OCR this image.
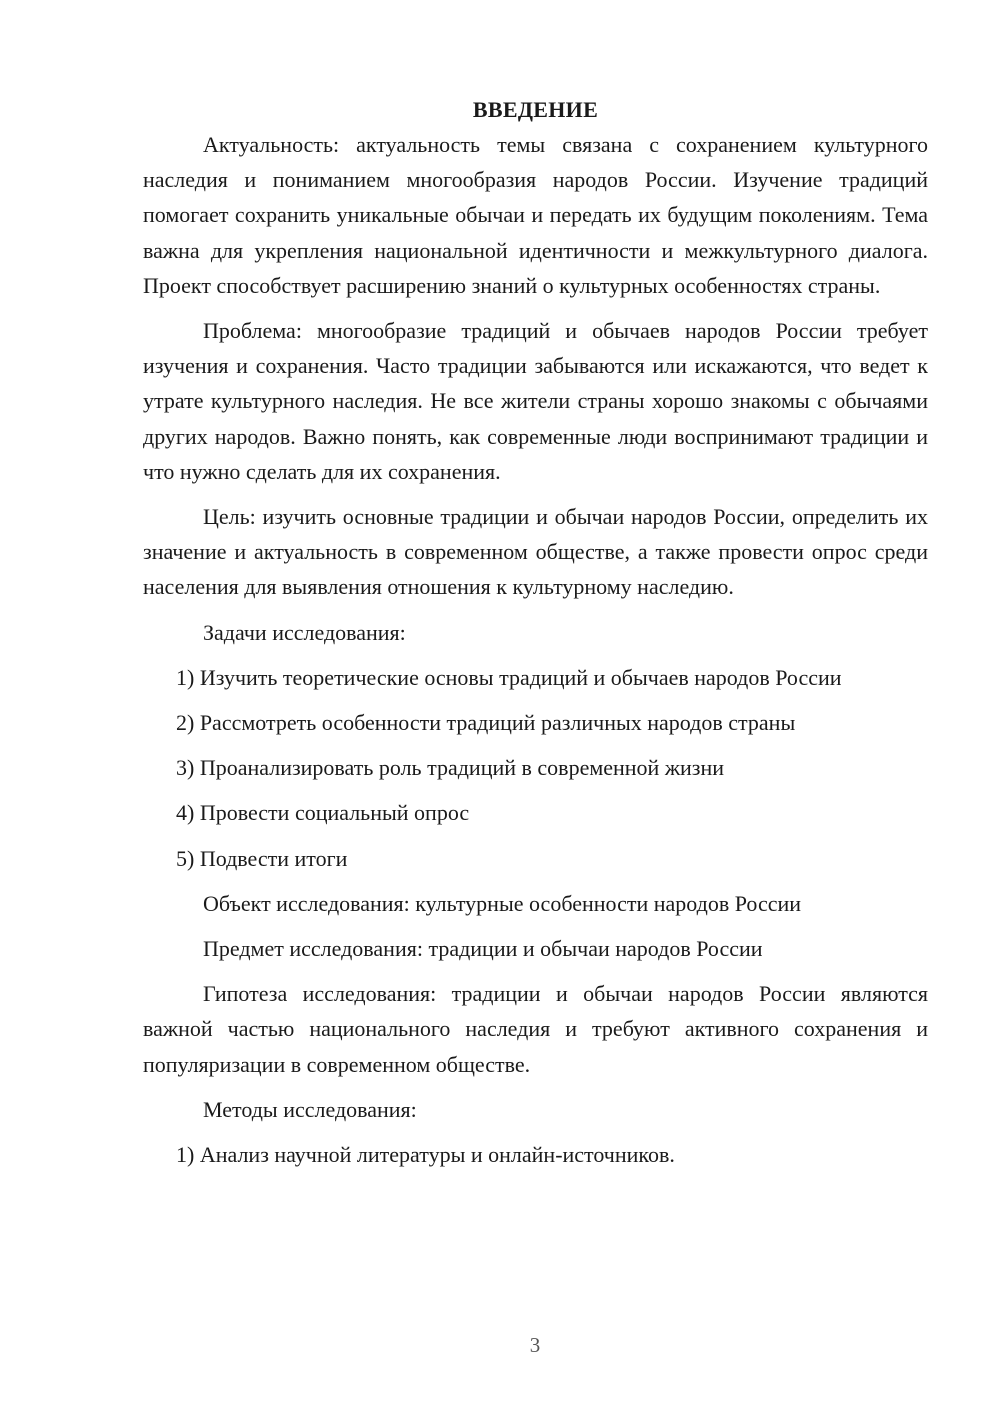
ВВЕДЕНИЕ

Актуальность: актуальность темы связана с сохранением культурного наследия и пониманием многообразия народов России. Изучение традиций помогает сохранить уникальные обычаи и передать их будущим поколениям. Тема важна для укрепления национальной идентичности и межкультурного диалога. Проект способствует расширению знаний о культурных особенностях страны.

Проблема: многообразие традиций и обычаев народов России требует изучения и сохранения. Часто традиции забываются или искажаются, что ведет к утрате культурного наследия. Не все жители страны хорошо знакомы с обычаями других народов. Важно понять, как современные люди воспринимают традиции и что нужно сделать для их сохранения.

Цель: изучить основные традиции и обычаи народов России, определить их значение и актуальность в современном обществе, а также провести опрос среди населения для выявления отношения к культурному наследию.

Задачи исследования:

1) Изучить теоретические основы традиций и обычаев народов России
2) Рассмотреть особенности традиций различных народов страны
3) Проанализировать роль традиций в современной жизни
4) Провести социальный опрос
5) Подвести итоги

Объект исследования: культурные особенности народов России

Предмет исследования: традиции и обычаи народов России

Гипотеза исследования: традиции и обычаи народов России являются важной частью национального наследия и требуют активного сохранения и популяризации в современном обществе.

Методы исследования:

1) Анализ научной литературы и онлайн-источников.
3
